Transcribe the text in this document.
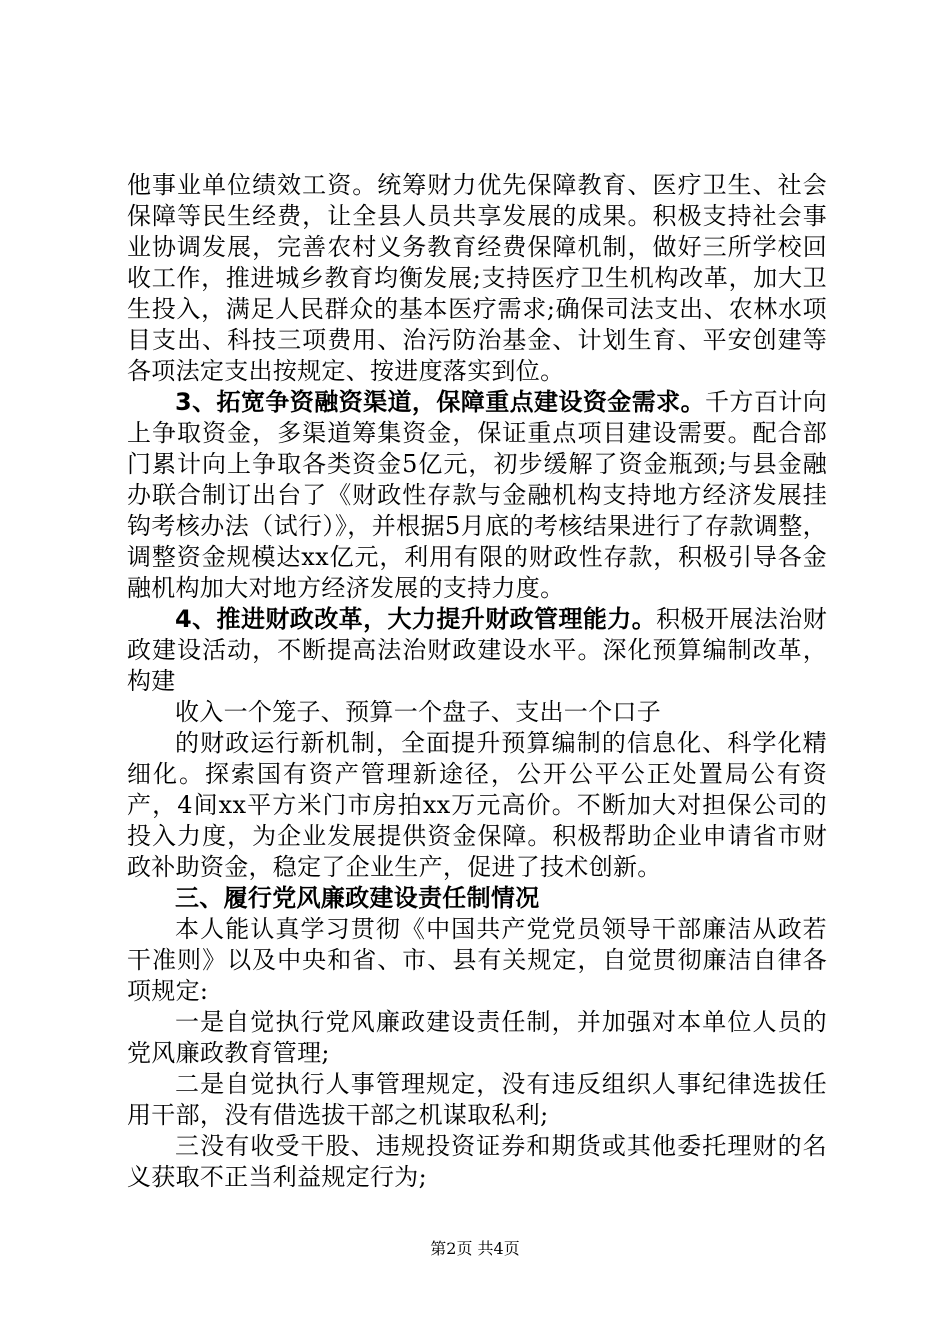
他事业单位绩效工资。统筹财力优先保障教育、医疗卫生、社会保障等民生经费，让全县人员共享发展的成果。积极支持社会事业协调发展，完善农村义务教育经费保障机制，做好三所学校回收工作，推进城乡教育均衡发展;支持医疗卫生机构改革，加大卫生投入，满足人民群众的基本医疗需求;确保司法支出、农林水项目支出、科技三项费用、治污防治基金、计划生育、平安创建等各项法定支出按规定、按进度落实到位。

3、拓宽争资融资渠道，保障重点建设资金需求。千方百计向上争取资金，多渠道筹集资金，保证重点项目建设需要。配合部门累计向上争取各类资金5亿元，初步缓解了资金瓶颈;与县金融办联合制订出台了《财政性存款与金融机构支持地方经济发展挂钩考核办法（试行）》，并根据5月底的考核结果进行了存款调整，调整资金规模达xx亿元，利用有限的财政性存款，积极引导各金融机构加大对地方经济发展的支持力度。

4、推进财政改革，大力提升财政管理能力。积极开展法治财政建设活动，不断提高法治财政建设水平。深化预算编制改革，构建

收入一个笼子、预算一个盘子、支出一个口子

的财政运行新机制，全面提升预算编制的信息化、科学化精细化。探索国有资产管理新途径，公开公平公正处置局公有资产，4间xx平方米门市房拍xx万元高价。不断加大对担保公司的投入力度，为企业发展提供资金保障。积极帮助企业申请省市财政补助资金，稳定了企业生产，促进了技术创新。

三、履行党风廉政建设责任制情况

本人能认真学习贯彻《中国共产党党员领导干部廉洁从政若干准则》以及中央和省、市、县有关规定，自觉贯彻廉洁自律各项规定:

一是自觉执行党风廉政建设责任制，并加强对本单位人员的党风廉政教育管理;

二是自觉执行人事管理规定，没有违反组织人事纪律选拔任用干部，没有借选拔干部之机谋取私利;

三没有收受干股、违规投资证券和期货或其他委托理财的名义获取不正当利益规定行为;

第2页 共4页
